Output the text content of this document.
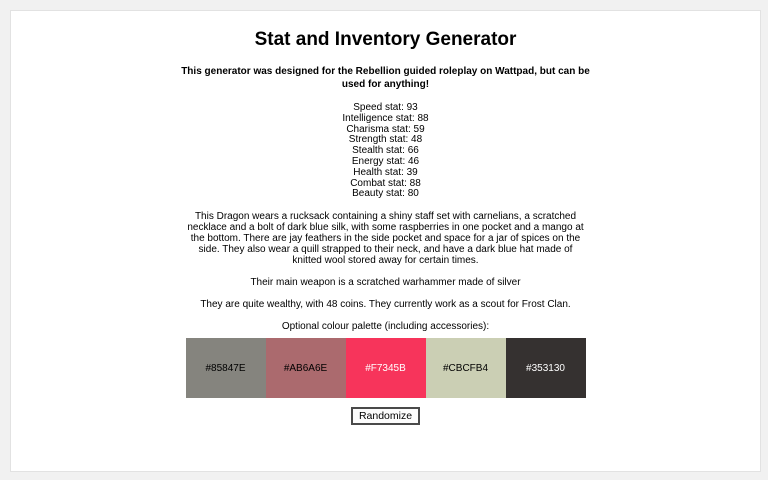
Stat and Inventory Generator
This generator was designed for the Rebellion guided roleplay on Wattpad, but can be used for anything!
Speed stat: 93
Intelligence stat: 88
Charisma stat: 59
Strength stat: 48
Stealth stat: 66
Energy stat: 46
Health stat: 39
Combat stat: 88
Beauty stat: 80

This Dragon wears a rucksack containing a shiny staff set with carnelians, a scratched necklace and a bolt of dark blue silk, with some raspberries in one pocket and a mango at the bottom. There are jay feathers in the side pocket and space for a jar of spices on the side. They also wear a quill strapped to their neck, and have a dark blue hat made of knitted wool stored away for certain times.

Their main weapon is a scratched warhammer made of silver

They are quite wealthy, with 48 coins. They currently work as a scout for Frost Clan.

Optional colour palette (including accessories):

#85847E	#AB6A6E	#F7345B	#CBCFB4	#353130
Randomize
